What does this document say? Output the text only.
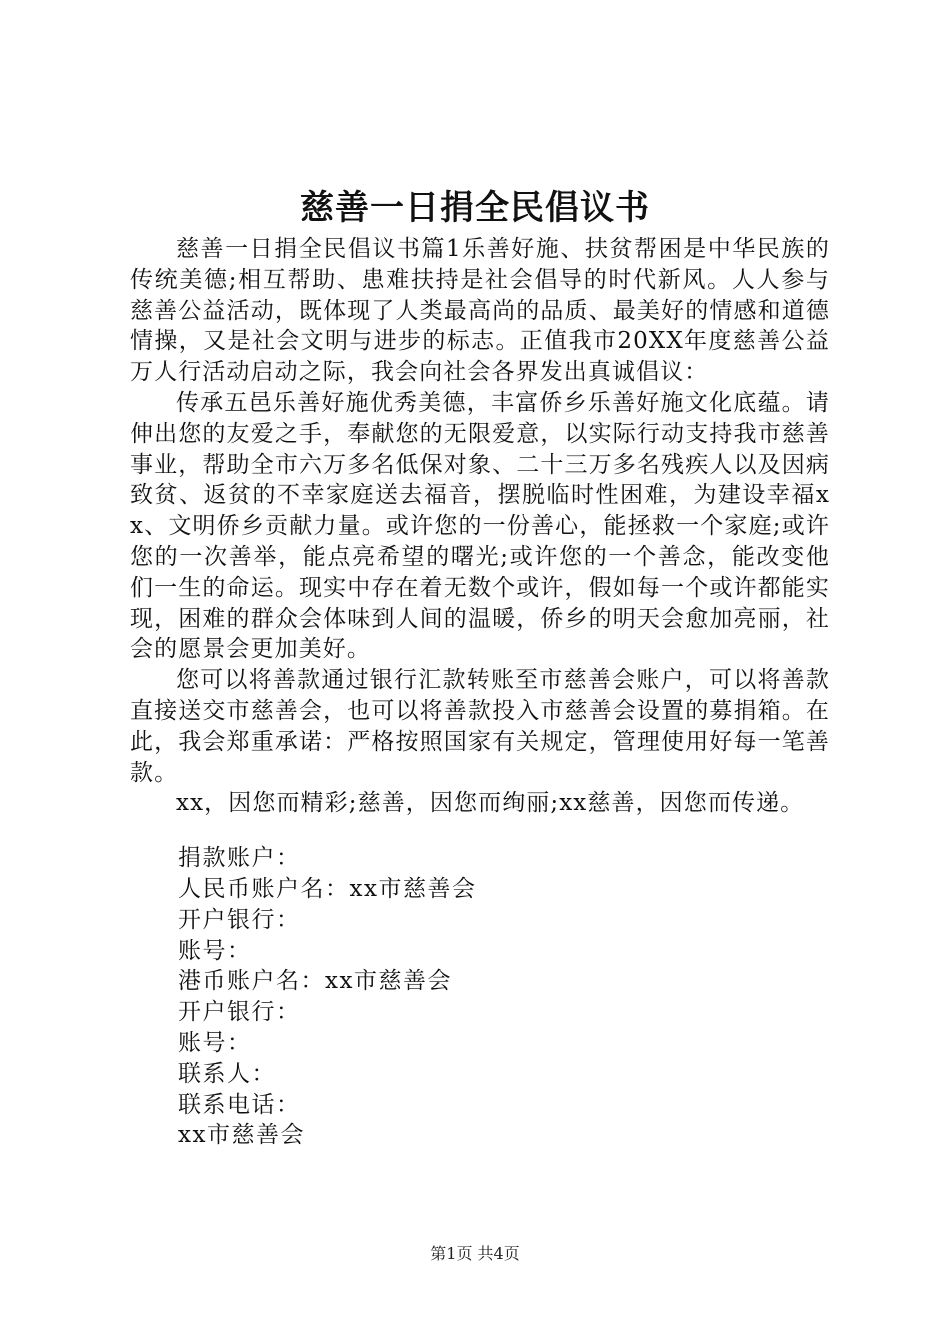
慈善一日捐全民倡议书

慈善一日捐全民倡议书篇1乐善好施、扶贫帮困是中华民族的传统美德;相互帮助、患难扶持是社会倡导的时代新风。人人参与慈善公益活动，既体现了人类最高尚的品质、最美好的情感和道德情操，又是社会文明与进步的标志。正值我市20XX年度慈善公益万人行活动启动之际，我会向社会各界发出真诚倡议：

传承五邑乐善好施优秀美德，丰富侨乡乐善好施文化底蕴。请伸出您的友爱之手，奉献您的无限爱意，以实际行动支持我市慈善事业，帮助全市六万多名低保对象、二十三万多名残疾人以及因病致贫、返贫的不幸家庭送去福音，摆脱临时性困难，为建设幸福xx、文明侨乡贡献力量。或许您的一份善心，能拯救一个家庭;或许您的一次善举，能点亮希望的曙光;或许您的一个善念，能改变他们一生的命运。现实中存在着无数个或许，假如每一个或许都能实现，困难的群众会体味到人间的温暖，侨乡的明天会愈加亮丽，社会的愿景会更加美好。

您可以将善款通过银行汇款转账至市慈善会账户，可以将善款直接送交市慈善会，也可以将善款投入市慈善会设置的募捐箱。在此，我会郑重承诺：严格按照国家有关规定，管理使用好每一笔善款。

xx，因您而精彩;慈善，因您而绚丽;xx慈善，因您而传递。

捐款账户：

人民币账户名：xx市慈善会

开户银行：

账号：

港币账户名：xx市慈善会

开户银行：

账号：

联系人：

联系电话：

xx市慈善会

第1页 共4页
